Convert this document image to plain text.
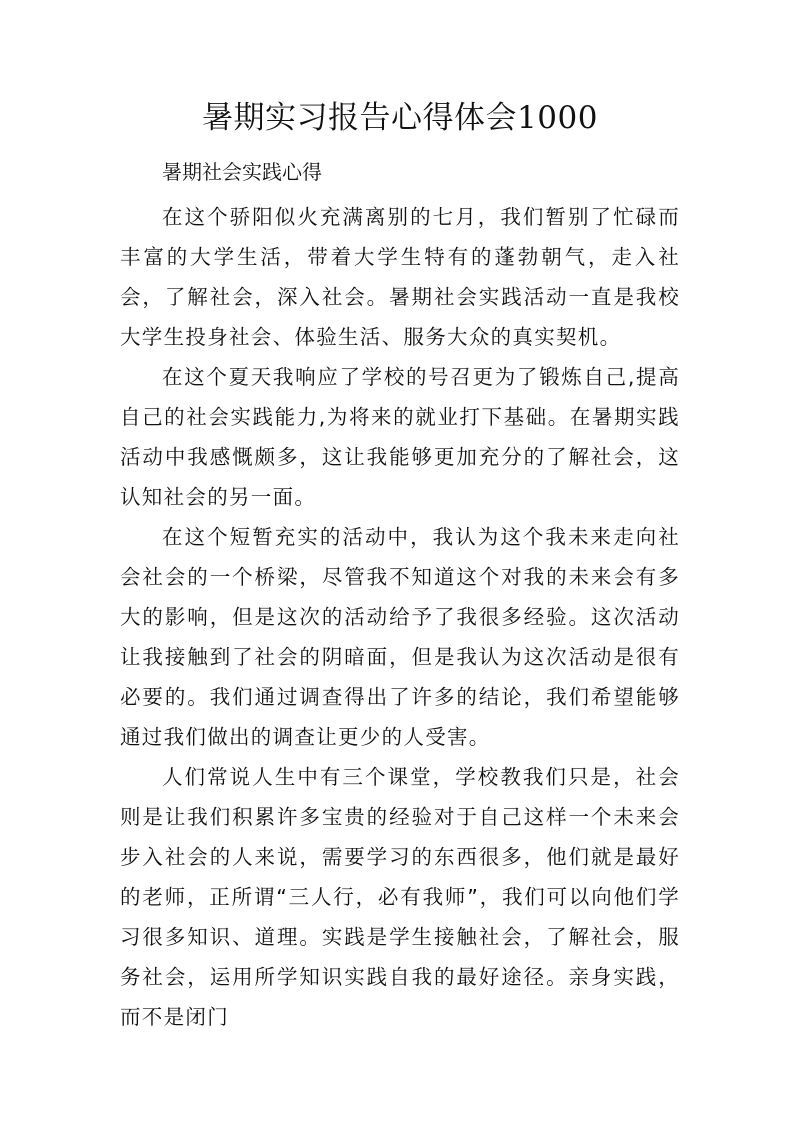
暑期实习报告心得体会1000

暑期社会实践心得

在这个骄阳似火充满离别的七月，我们暂别了忙碌而丰富的大学生活，带着大学生特有的蓬勃朝气，走入社会，了解社会，深入社会。暑期社会实践活动一直是我校大学生投身社会、体验生活、服务大众的真实契机。

在这个夏天我响应了学校的号召更为了锻炼自己,提高自己的社会实践能力,为将来的就业打下基础。在暑期实践活动中我感慨颇多，这让我能够更加充分的了解社会，这认知社会的另一面。

在这个短暂充实的活动中，我认为这个我未来走向社会社会的一个桥梁，尽管我不知道这个对我的未来会有多大的影响，但是这次的活动给予了我很多经验。这次活动让我接触到了社会的阴暗面，但是我认为这次活动是很有必要的。我们通过调查得出了许多的结论，我们希望能够通过我们做出的调查让更少的人受害。

人们常说人生中有三个课堂，学校教我们只是，社会则是让我们积累许多宝贵的经验对于自己这样一个未来会步入社会的人来说，需要学习的东西很多，他们就是最好的老师，正所谓“三人行，必有我师”，我们可以向他们学习很多知识、道理。实践是学生接触社会，了解社会，服务社会，运用所学知识实践自我的最好途径。亲身实践，而不是闭门
